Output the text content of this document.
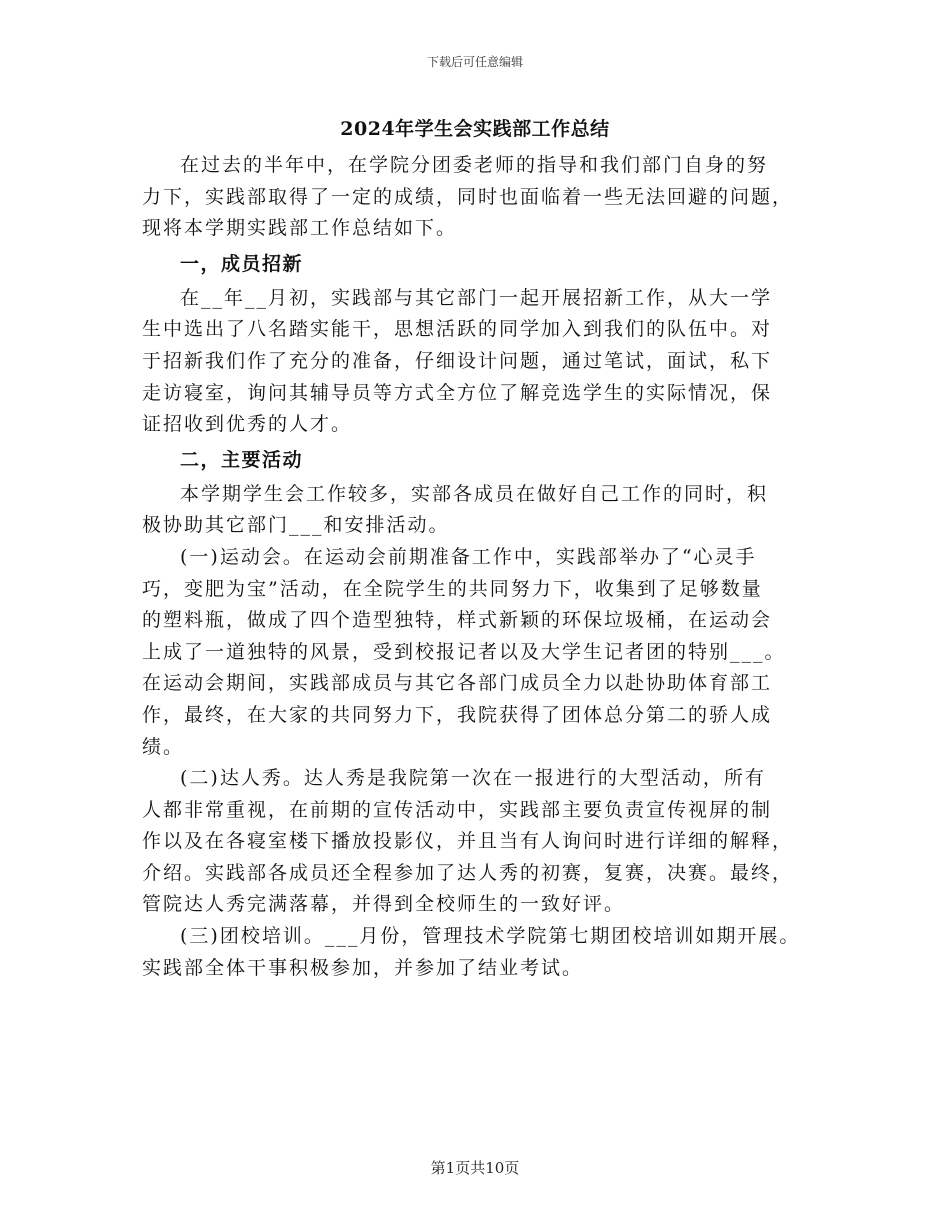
下载后可任意编辑
2024年学生会实践部工作总结
在过去的半年中，在学院分团委老师的指导和我们部门自身的努
力下，实践部取得了一定的成绩，同时也面临着一些无法回避的问题，
现将本学期实践部工作总结如下。
一，成员招新
在__年__月初，实践部与其它部门一起开展招新工作，从大一学
生中选出了八名踏实能干，思想活跃的同学加入到我们的队伍中。对
于招新我们作了充分的准备，仔细设计问题，通过笔试，面试，私下
走访寝室，询问其辅导员等方式全方位了解竞选学生的实际情况，保
证招收到优秀的人才。
二，主要活动
本学期学生会工作较多，实部各成员在做好自己工作的同时，积
极协助其它部门___和安排活动。
(一)运动会。在运动会前期准备工作中，实践部举办了“心灵手
巧，变肥为宝”活动，在全院学生的共同努力下，收集到了足够数量
的塑料瓶，做成了四个造型独特，样式新颖的环保垃圾桶，在运动会
上成了一道独特的风景，受到校报记者以及大学生记者团的特别___。
在运动会期间，实践部成员与其它各部门成员全力以赴协助体育部工
作，最终，在大家的共同努力下，我院获得了团体总分第二的骄人成
绩。
(二)达人秀。达人秀是我院第一次在一报进行的大型活动，所有
人都非常重视，在前期的宣传活动中，实践部主要负责宣传视屏的制
作以及在各寝室楼下播放投影仪，并且当有人询问时进行详细的解释，
介绍。实践部各成员还全程参加了达人秀的初赛，复赛，决赛。最终，
管院达人秀完满落幕，并得到全校师生的一致好评。
(三)团校培训。___月份，管理技术学院第七期团校培训如期开展。
实践部全体干事积极参加，并参加了结业考试。
第1页共10页
